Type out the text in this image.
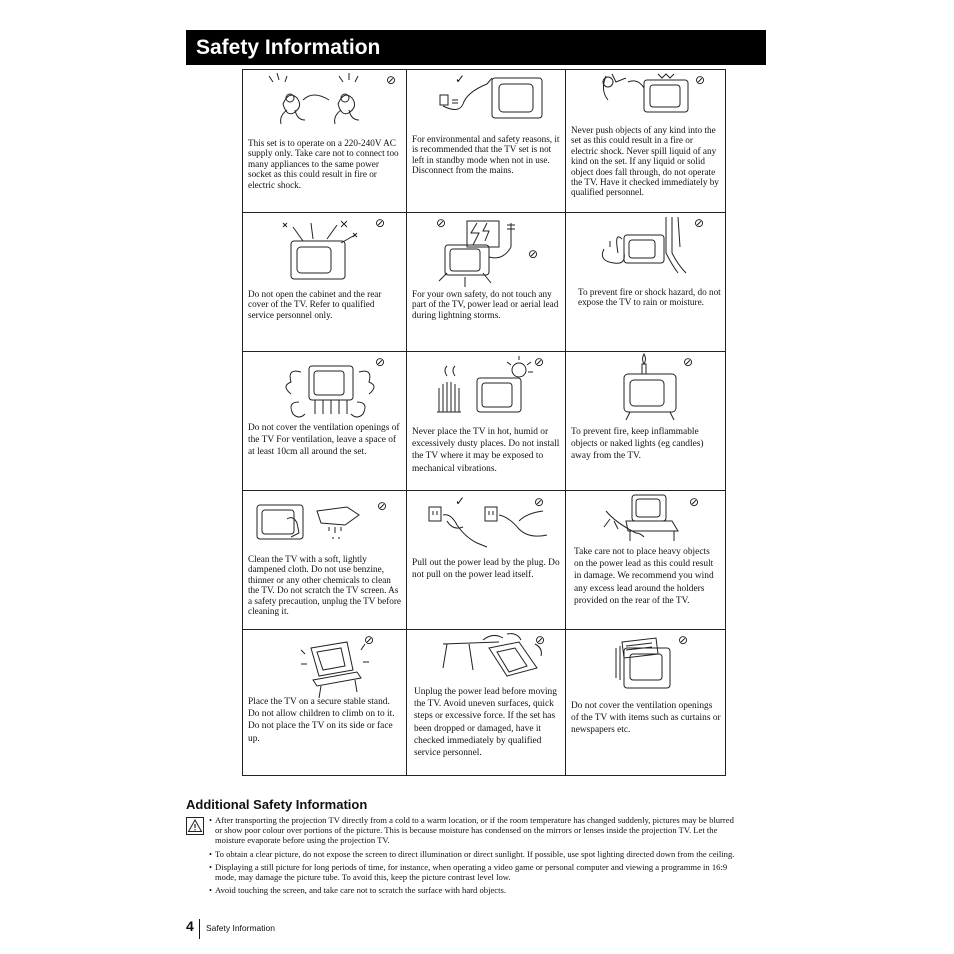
Safety Information
⊘
This set is to operate on a 220-240V AC supply only. Take care not to connect too many appliances to the same power socket as this could result in fire or electric shock.
✓
For environmental and safety reasons, it is recommended that the TV set is not left in standby mode when not in use. Disconnect from the mains.
⊘
Never push objects of any kind into the set as this could result in a fire or electric shock. Never spill liquid of any kind on the set. If any liquid or solid object does fall through, do not operate the TV. Have it checked immediately by qualified personnel.
⊘
Do not open the cabinet and the rear cover of the TV. Refer to qualified service personnel only.
⊘
⊘
For your own safety, do not touch any part of the TV, power lead or aerial lead during lightning storms.
⊘
To prevent fire or shock hazard, do not expose the TV to rain or moisture.
⊘
Do not cover the ventilation openings of the TV For ventilation, leave a space of at least 10cm all around the set.
⊘
Never place the TV in hot, humid or excessively dusty places. Do not install the TV where it may be exposed to mechanical vibrations.
⊘
To prevent fire, keep inflammable objects or naked lights (eg candles) away from the TV.
⊘
Clean the TV with a soft, lightly dampened cloth. Do not use benzine, thinner or any other chemicals to clean the TV. Do not scratch the TV screen. As a safety precaution, unplug the TV before cleaning it.
✓	⊘
Pull out the power lead by the plug. Do not pull on the power lead itself.
⊘
Take care not to place heavy objects on the power lead as this could result in damage. We recommend you wind any excess lead around the holders provided on the rear of the TV.
⊘
Place the TV on a secure stable stand. Do not allow children to climb on to it. Do not place the TV on its side or face up.
⊘
Unplug the power lead before moving the TV. Avoid uneven surfaces, quick steps or excessive force. If the set has been dropped or damaged, have it checked immediately by qualified service personnel.
⊘
Do not cover the ventilation openings of the TV with items such as curtains or newspapers etc.
Additional Safety Information
• After transporting the projection TV directly from a cold to a warm location, or if the room temperature has changed suddenly, pictures may be blurred or show poor colour over portions of the picture. This is because moisture has condensed on the mirrors or lenses inside the projection TV. Let the moisture evaporate before using the projection TV.
• To obtain a clear picture, do not expose the screen to direct illumination or direct sunlight. If possible, use spot lighting directed down from the ceiling.
• Displaying a still picture for long periods of time, for instance, when operating a video game or personal computer and viewing a programme in 16:9 mode, may damage the picture tube. To avoid this, keep the picture contrast level low.
• Avoid touching the screen, and take care not to scratch the surface with hard objects.
4 Safety Information
